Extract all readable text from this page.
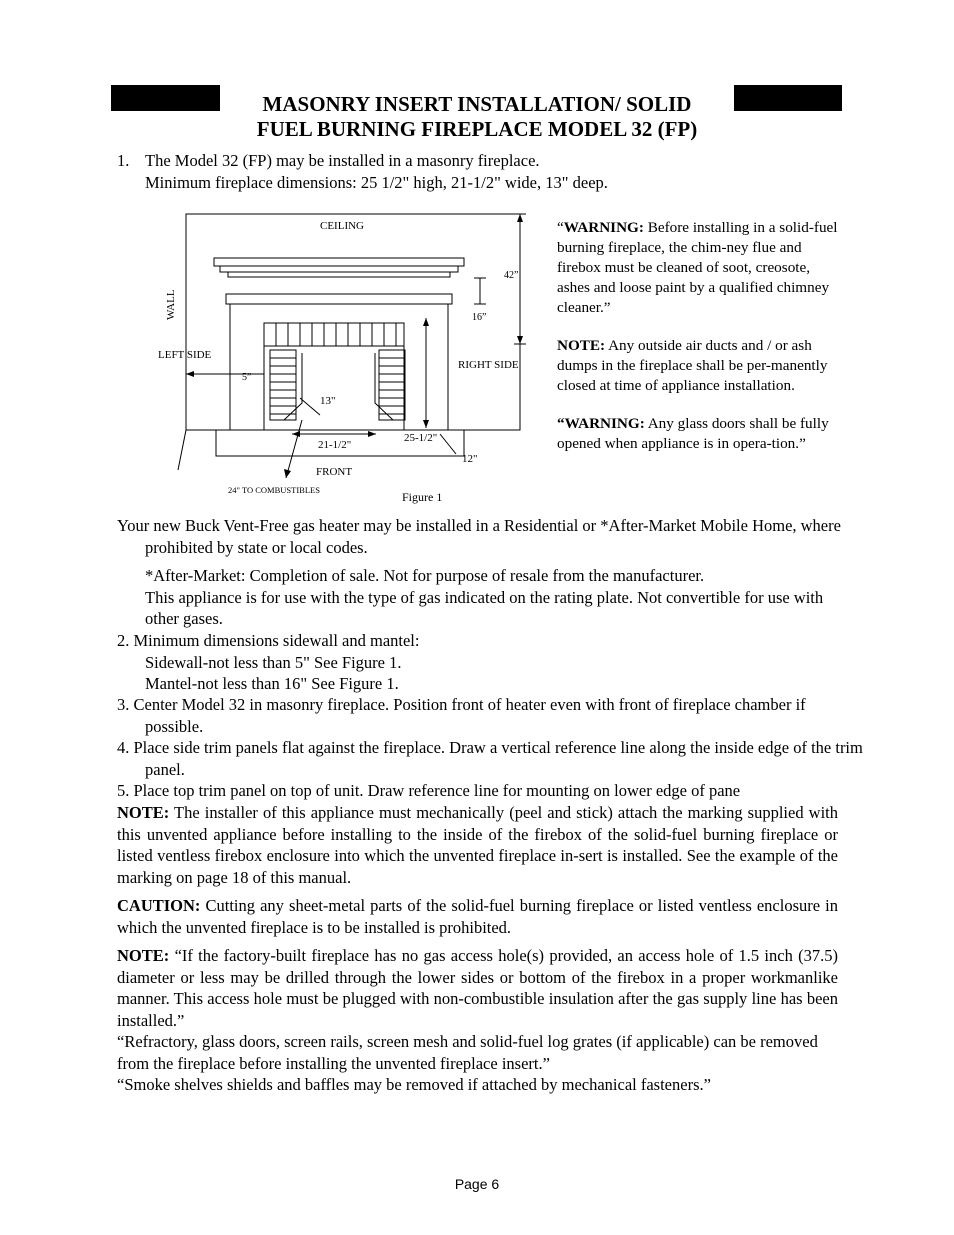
MASONRY INSERT INSTALLATION/ SOLID
FUEL BURNING FIREPLACE MODEL 32 (FP)
1. The Model 32 (FP) may be installed in a masonry fireplace.
Minimum fireplace dimensions: 25 1/2" high, 21-1/2" wide, 13" deep.
CEILING
WALL
LEFT SIDE
RIGHT SIDE
FRONT
42”
16”
5”
13"
21-1/2"
25-1/2"
12"
24" TO COMBUSTIBLES	Figure 1

“WARNING: Before installing in a solid-fuel burning fireplace, the chim-ney flue and firebox must be cleaned of soot, creosote, ashes and loose paint by a qualified chimney cleaner.”

NOTE: Any outside air ducts and / or ash dumps in the fireplace shall be per-manently closed at time of appliance installation.

“WARNING: Any glass doors shall be fully opened when appliance is in opera-tion.”

Your new Buck Vent-Free gas heater may be installed in a Residential or *After-Market Mobile Home, where prohibited by state or local codes.
*After-Market: Completion of sale. Not for purpose of resale from the manufacturer.
This appliance is for use with the type of gas indicated on the rating plate. Not convertible for use with other gases.
2. Minimum dimensions sidewall and mantel:
Sidewall-not less than 5" See Figure 1.
Mantel-not less than 16" See Figure 1.
3. Center Model 32 in masonry fireplace. Position front of heater even with front of fireplace chamber if possible.
4. Place side trim panels flat against the fireplace. Draw a vertical reference line along the inside edge of the trim panel.
5. Place top trim panel on top of unit. Draw reference line for mounting on lower edge of pane
NOTE: The installer of this appliance must mechanically (peel and stick) attach the marking supplied with this unvented appliance before installing to the inside of the firebox of the solid-fuel burning fireplace or listed ventless firebox enclosure into which the unvented fireplace in-sert is installed. See the example of the marking on page 18 of this manual.
CAUTION: Cutting any sheet-metal parts of the solid-fuel burning fireplace or listed ventless enclosure in which the unvented fireplace is to be installed is prohibited.
NOTE: “If the factory-built fireplace has no gas access hole(s) provided, an access hole of 1.5 inch (37.5) diameter or less may be drilled through the lower sides or bottom of the firebox in a proper workmanlike manner. This access hole must be plugged with non-combustible insulation after the gas supply line has been installed.”
“Refractory, glass doors, screen rails, screen mesh and solid-fuel log grates (if applicable) can be removed from the fireplace before installing the unvented fireplace insert.”
“Smoke shelves shields and baffles may be removed if attached by mechanical fasteners.”
Page 6
